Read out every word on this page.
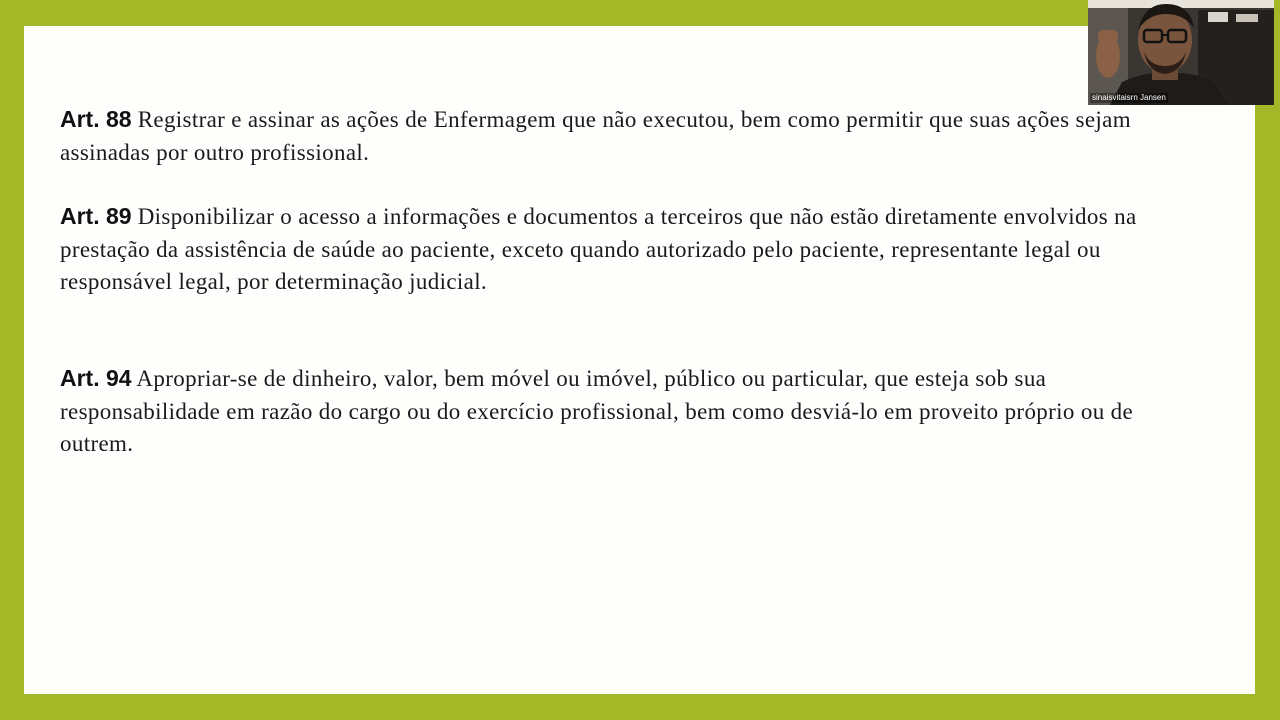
Art. 88 Registrar e assinar as ações de Enfermagem que não executou, bem como permitir que suas ações sejam assinadas por outro profissional.

Art. 89 Disponibilizar o acesso a informações e documentos a terceiros que não estão diretamente envolvidos na prestação da assistência de saúde ao paciente, exceto quando autorizado pelo paciente, representante legal ou responsável legal, por determinação judicial.

Art. 94 Apropriar-se de dinheiro, valor, bem móvel ou imóvel, público ou particular, que esteja sob sua responsabilidade em razão do cargo ou do exercício profissional, bem como desviá-lo em proveito próprio ou de outrem.

sinaisvitaisrn Jansen
